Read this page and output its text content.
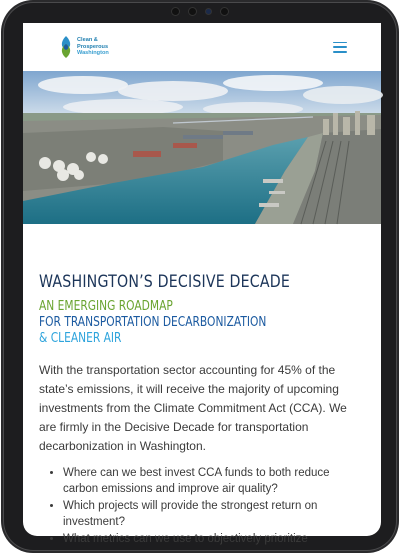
Clean &
Prosperous
Washington
WASHINGTON’S DECISIVE DECADE
AN EMERGING ROADMAP
FOR TRANSPORTATION DECARBONIZATION
& CLEANER AIR

With the transportation sector accounting for 45% of the state’s emissions, it will receive the majority of upcoming investments from the Climate Commitment Act (CCA). We are firmly in the Decisive Decade for transportation decarbonization in Washington.

• Where can we best invest CCA funds to both reduce carbon emissions and improve air quality?
• Which projects will provide the strongest return on investment?
• What metrics can we use to objectively prioritize
